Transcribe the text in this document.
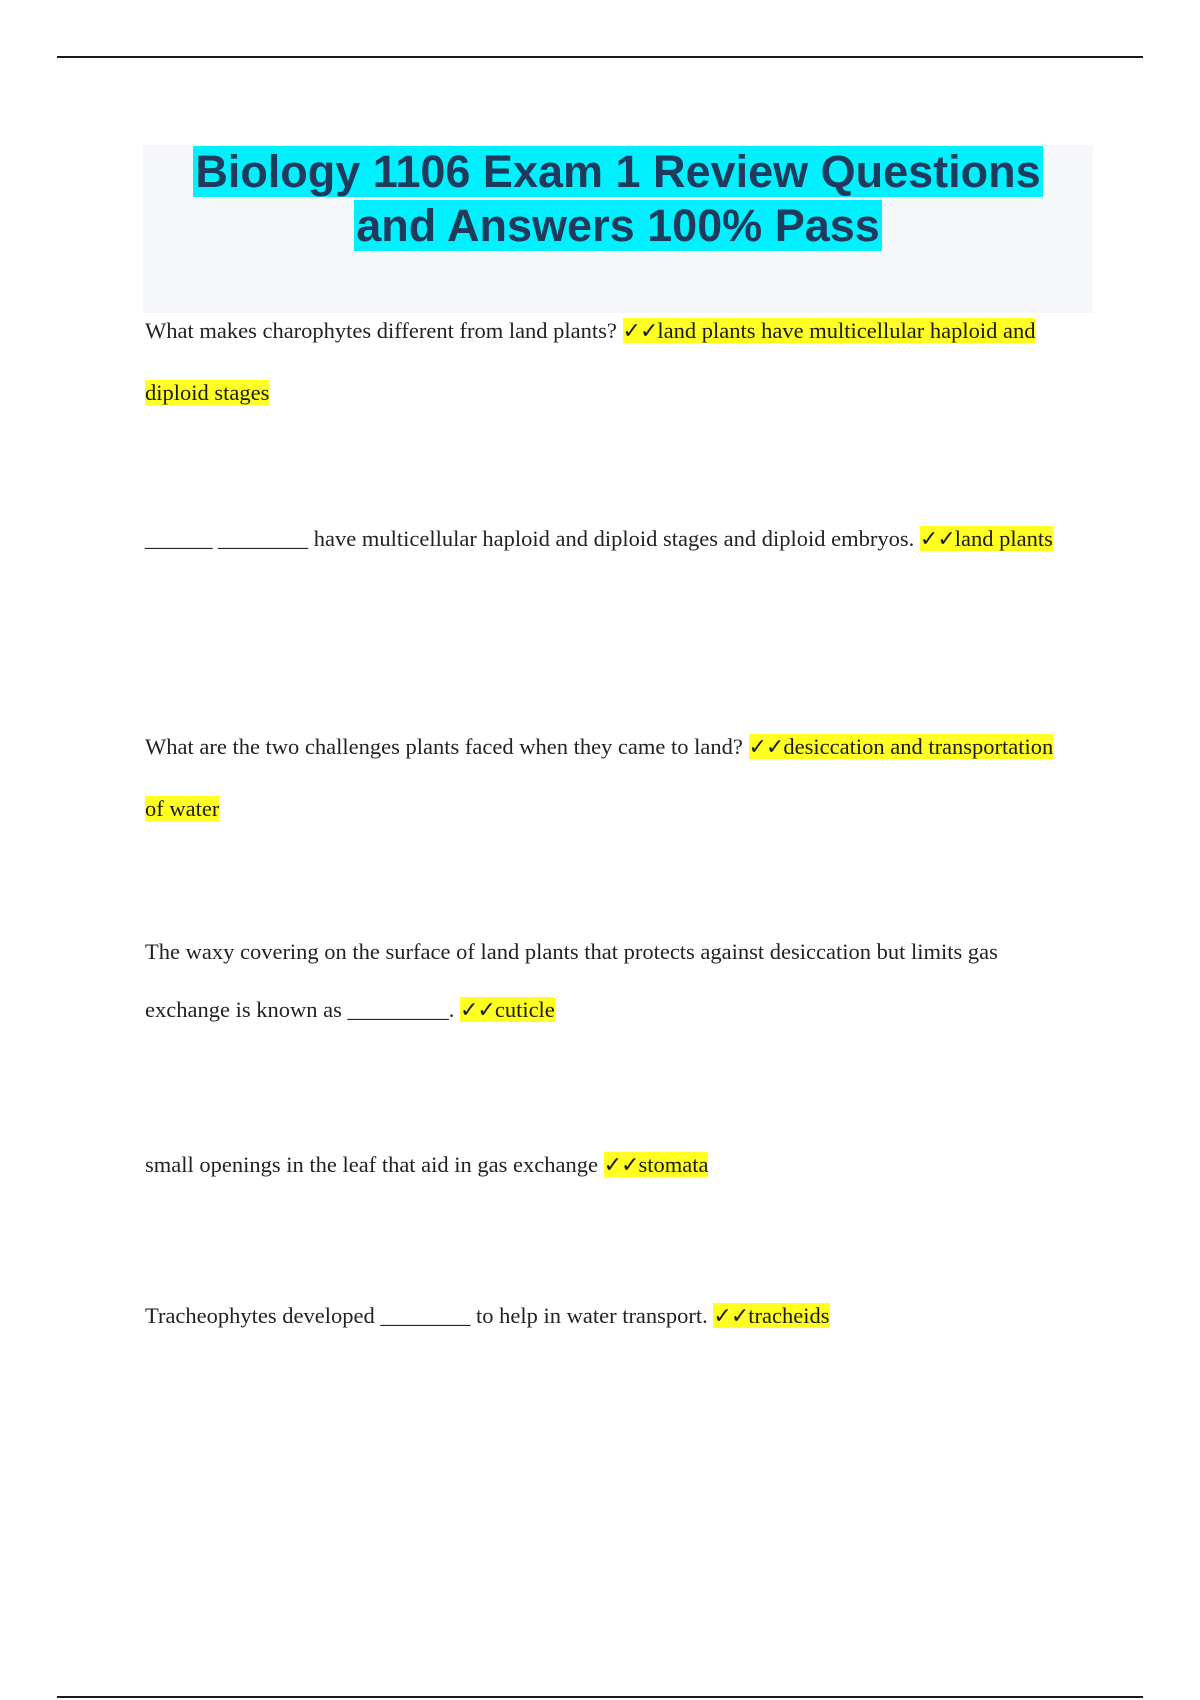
Biology 1106 Exam 1 Review Questions
and Answers 100% Pass

What makes charophytes different from land plants? ✓✓land plants have multicellular haploid and diploid stages

______ ________ have multicellular haploid and diploid stages and diploid embryos. ✓✓land plants

What are the two challenges plants faced when they came to land? ✓✓desiccation and transportation of water

The waxy covering on the surface of land plants that protects against desiccation but limits gas exchange is known as _________. ✓✓cuticle

small openings in the leaf that aid in gas exchange ✓✓stomata

Tracheophytes developed ________ to help in water transport. ✓✓tracheids
